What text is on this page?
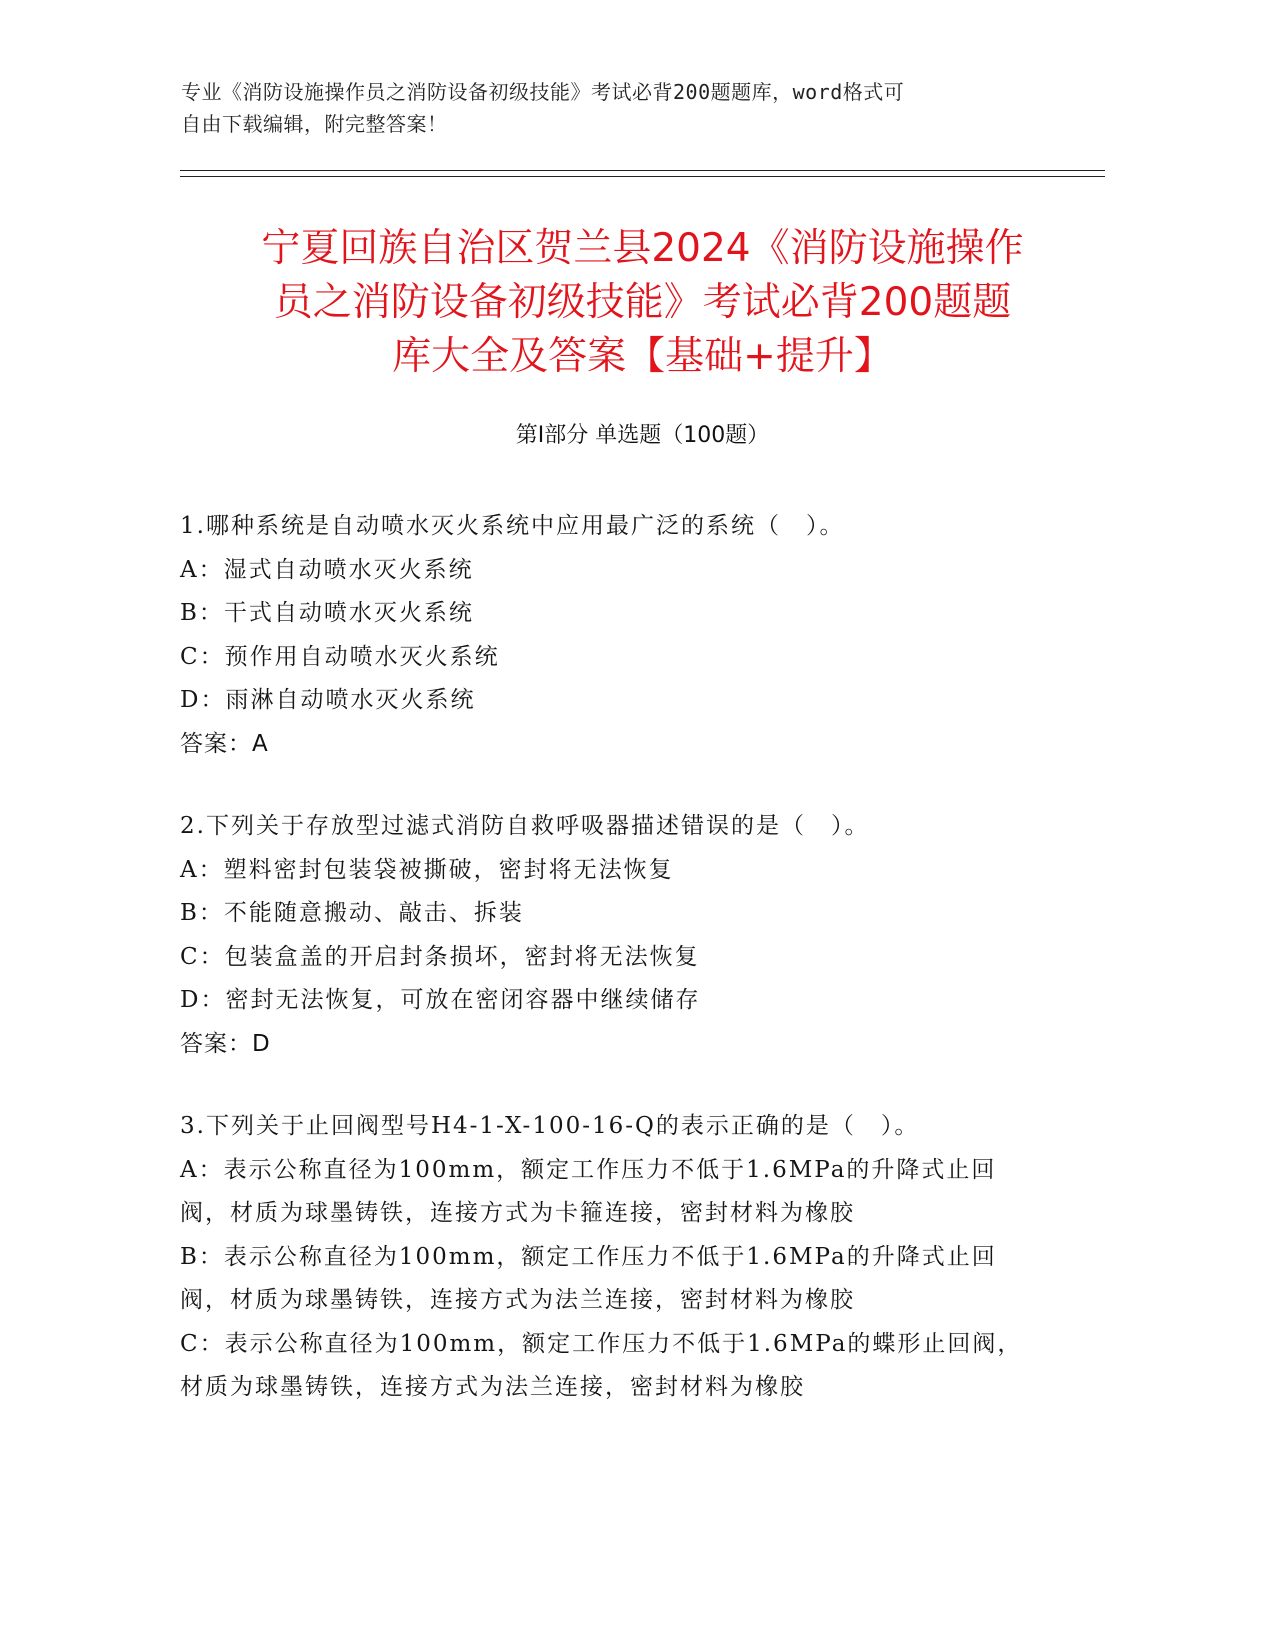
专业《消防设施操作员之消防设备初级技能》考试必背200题题库，word格式可
自由下载编辑，附完整答案！
宁夏回族自治区贺兰县2024《消防设施操作
员之消防设备初级技能》考试必背200题题
库大全及答案【基础+提升】
第Ⅰ部分 单选题（100题）
1.哪种系统是自动喷水灭火系统中应用最广泛的系统（　）。
A：湿式自动喷水灭火系统
B：干式自动喷水灭火系统
C：预作用自动喷水灭火系统
D：雨淋自动喷水灭火系统
答案：A
2.下列关于存放型过滤式消防自救呼吸器描述错误的是（　）。
A：塑料密封包装袋被撕破，密封将无法恢复
B：不能随意搬动、敲击、拆装
C：包装盒盖的开启封条损坏，密封将无法恢复
D：密封无法恢复，可放在密闭容器中继续储存
答案：D
3.下列关于止回阀型号H4-1-X-100-16-Q的表示正确的是（　）。
A：表示公称直径为100mm，额定工作压力不低于1.6MPa的升降式止回阀，材质为球墨铸铁，连接方式为卡箍连接，密封材料为橡胶
B：表示公称直径为100mm，额定工作压力不低于1.6MPa的升降式止回阀，材质为球墨铸铁，连接方式为法兰连接，密封材料为橡胶
C：表示公称直径为100mm，额定工作压力不低于1.6MPa的蝶形止回阀，材质为球墨铸铁，连接方式为法兰连接，密封材料为橡胶
